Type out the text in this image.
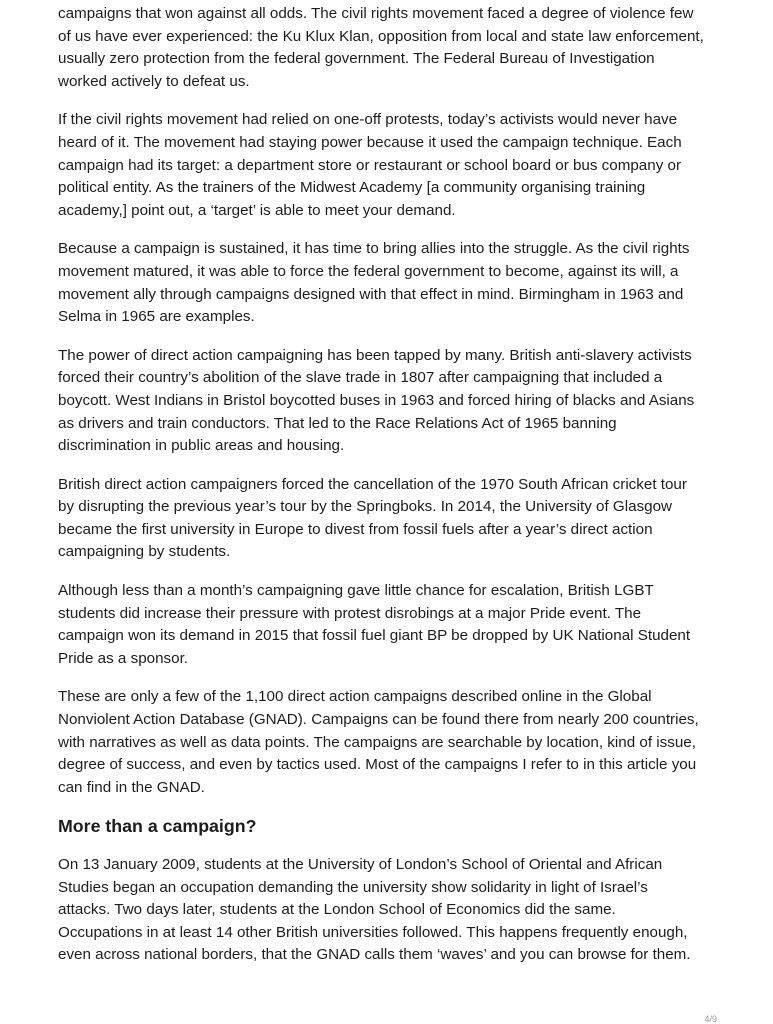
campaigns that won against all odds. The civil rights movement faced a degree of violence few of us have ever experienced: the Ku Klux Klan, opposition from local and state law enforcement, usually zero protection from the federal government. The Federal Bureau of Investigation worked actively to defeat us.

If the civil rights movement had relied on one-off protests, today’s activists would never have heard of it. The movement had staying power because it used the campaign technique. Each campaign had its target: a department store or restaurant or school board or bus company or political entity. As the trainers of the Midwest Academy [a community organising training academy,] point out, a ‘target’ is able to meet your demand.

Because a campaign is sustained, it has time to bring allies into the struggle. As the civil rights movement matured, it was able to force the federal government to become, against its will, a movement ally through campaigns designed with that effect in mind. Birmingham in 1963 and Selma in 1965 are examples.

The power of direct action campaigning has been tapped by many. British anti-slavery activists forced their country’s abolition of the slave trade in 1807 after campaigning that included a boycott. West Indians in Bristol boycotted buses in 1963 and forced hiring of blacks and Asians as drivers and train conductors. That led to the Race Relations Act of 1965 banning discrimination in public areas and housing.

British direct action campaigners forced the cancellation of the 1970 South African cricket tour by disrupting the previous year’s tour by the Springboks. In 2014, the University of Glasgow became the first university in Europe to divest from fossil fuels after a year’s direct action campaigning by students.

Although less than a month’s campaigning gave little chance for escalation, British LGBT students did increase their pressure with protest disrobings at a major Pride event. The campaign won its demand in 2015 that fossil fuel giant BP be dropped by UK National Student Pride as a sponsor.

These are only a few of the 1,100 direct action campaigns described online in the Global Nonviolent Action Database (GNAD). Campaigns can be found there from nearly 200 countries, with narratives as well as data points. The campaigns are searchable by location, kind of issue, degree of success, and even by tactics used. Most of the campaigns I refer to in this article you can find in the GNAD.

More than a campaign?

On 13 January 2009, students at the University of London’s School of Oriental and African Studies began an occupation demanding the university show solidarity in light of Israel’s attacks. Two days later, students at the London School of Economics did the same. Occupations in at least 14 other British universities followed. This happens frequently enough, even across national borders, that the GNAD calls them ‘waves’ and you can browse for them.

4/9
